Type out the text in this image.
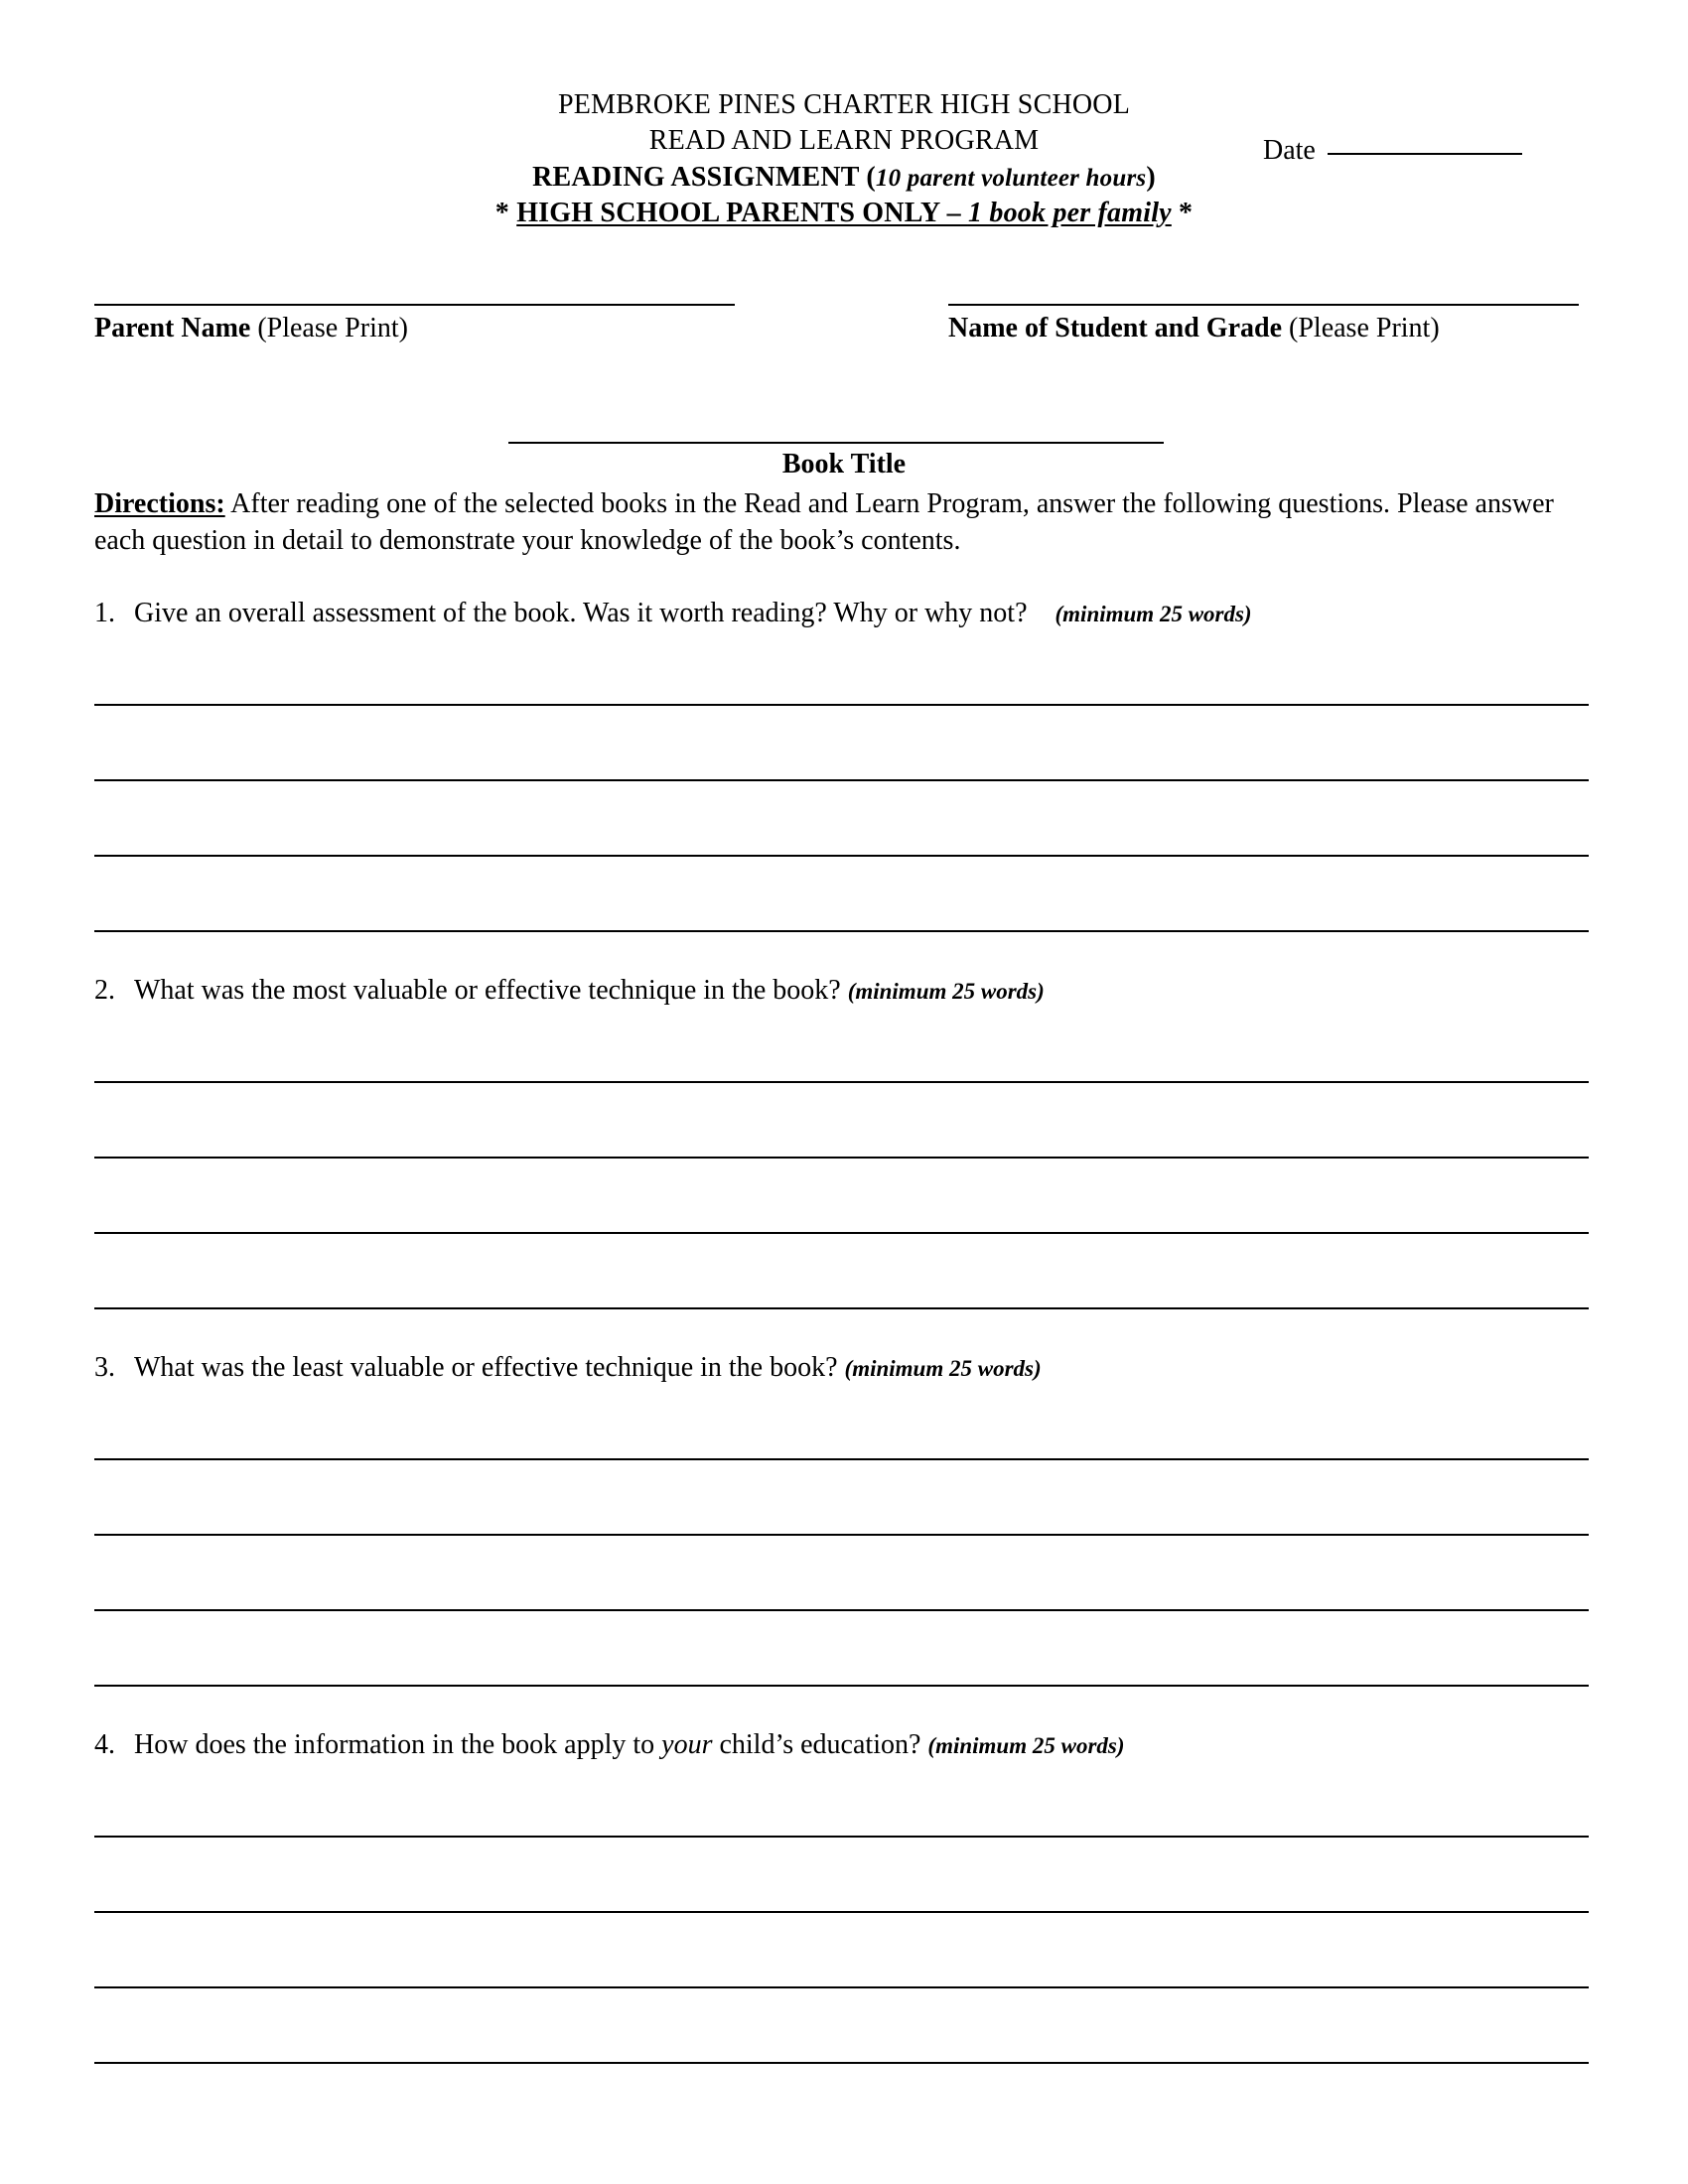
PEMBROKE PINES CHARTER HIGH SCHOOL
READ AND LEARN PROGRAM
READING ASSIGNMENT (10 parent volunteer hours)
* HIGH SCHOOL PARENTS ONLY – 1 book per family *
Date
Parent Name (Please Print)	Name of Student and Grade (Please Print)
Book Title
Directions: After reading one of the selected books in the Read and Learn Program, answer the following questions. Please answer each question in detail to demonstrate your knowledge of the book’s contents.
1. Give an overall assessment of the book. Was it worth reading? Why or why not? (minimum 25 words)
2. What was the most valuable or effective technique in the book? (minimum 25 words)
3. What was the least valuable or effective technique in the book? (minimum 25 words)
4. How does the information in the book apply to your child’s education? (minimum 25 words)
